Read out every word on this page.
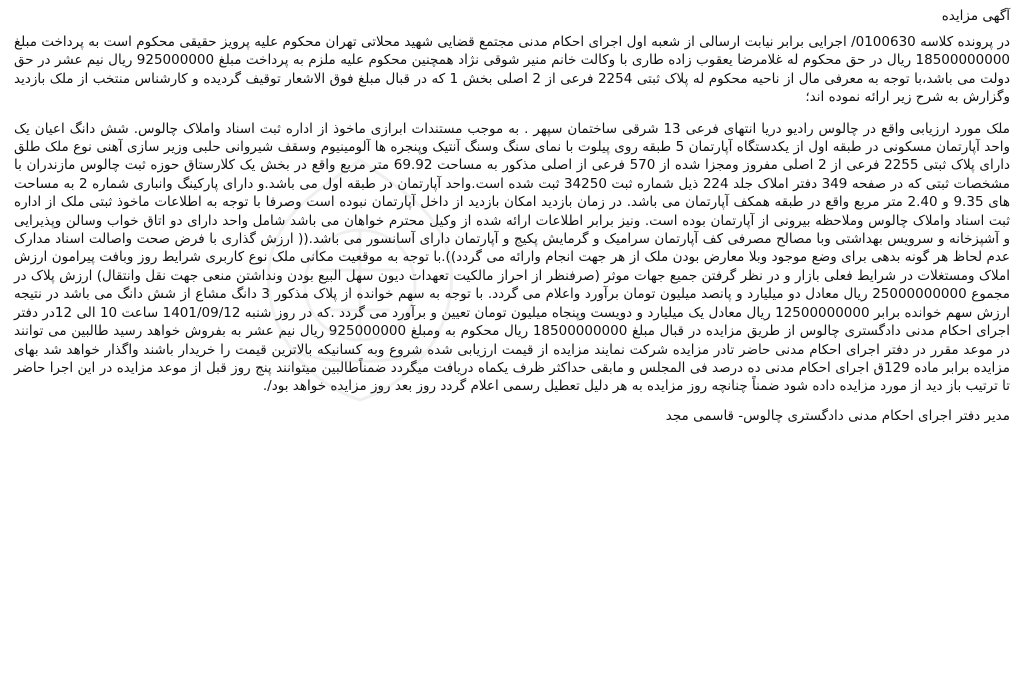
آگهی مزایده

در پرونده کلاسه 0100630/ اجرایی برابر نیابت ارسالی از شعبه اول اجرای احکام مدنی مجتمع قضایی شهید محلاتی تهران محکوم علیه پرویز حقیقی محکوم است به پرداخت مبلغ 18500000000 ریال در حق محکوم له غلامرضا یعقوب زاده طاری با وکالت خانم منیر شوقی نژاد همچنین محکوم علیه ملزم به پرداخت مبلغ 925000000 ریال نیم عشر در حق دولت می باشد،با توجه به معرفی مال از ناحیه محکوم له پلاک ثبتی 2254 فرعی از 2 اصلی بخش 1 که در قبال مبلغ فوق الاشعار توقیف گردیده و کارشناس منتخب از ملک بازدید وگزارش به شرح زیر ارائه نموده اند؛

ملک مورد ارزیابی واقع در چالوس رادیو دریا انتهای فرعی 13 شرقی ساختمان سپهر . به موجب مستندات ابرازی ماخوذ از اداره ثبت اسناد واملاک چالوس. شش دانگ اعیان یک واحد آپارتمان مسکونی در طبقه اول از یکدستگاه آپارتمان 5 طبقه روی پیلوت با نمای سنگ وسنگ آنتیک وپنجره ها آلومینیوم وسقف شیروانی حلبی وزیر سازی آهنی نوع ملک طلق دارای پلاک ثبتی 2255 فرعی از 2 اصلی مفروز ومجزا شده از 570 فرعی از اصلی مذکور به مساحت 69.92 متر مربع واقع در بخش یک کلارستاق حوزه ثبت چالوس مازندران با مشخصات ثبتی که در صفحه 349 دفتر املاک جلد 224 ذیل شماره ثبت 34250 ثبت شده است.واحد آپارتمان در طبقه اول می باشد.و دارای پارکینگ وانباری شماره 2 به مساحت های 9.35 و 2.40 متر مربع واقع در طبقه همکف آپارتمان می باشد. در زمان بازدید امکان بازدید از داخل آپارتمان نبوده است وصرفا با توجه به اطلاعات ماخوذ ثبتی ملک از اداره ثبت اسناد واملاک چالوس وملاحظه بیرونی از آپارتمان بوده است. ونیز برابر اطلاعات ارائه شده از وکیل محترم خواهان می باشد شامل واحد دارای دو اتاق خواب وسالن وپذیرایی و آشپزخانه و سرویس بهداشتی وبا مصالح مصرفی کف آپارتمان سرامیک و گرمایش پکیج و آپارتمان دارای آسانسور می باشد.(( ارزش گذاری با فرض صحت واصالت اسناد مدارک عدم لحاظ هر گونه بدهی برای وضع موجود وبلا معارض بودن ملک از هر جهت انجام وارائه می گردد)).با توجه به موقعیت مکانی ملک نوع کاربری شرایط روز وبافت پیرامون ارزش املاک ومستغلات در شرایط فعلی بازار و در نظر گرفتن جمیع جهات موثر (صرفنظر از احراز مالکیت تعهدات دیون سهل البیع بودن ونداشتن منعی جهت نقل وانتقال) ارزش پلاک در مجموع 25000000000 ریال معادل دو میلیارد و پانصد میلیون تومان برآورد واعلام می گردد. با توجه به سهم خوانده از پلاک مذکور 3 دانگ مشاع از شش دانگ می باشد در نتیجه ارزش سهم خوانده برابر 12500000000 ریال معادل یک میلیارد و دویست وپنجاه میلیون تومان تعیین و برآورد می گردد .که در روز شنبه 1401/09/12 ساعت 10 الی 12در دفتر اجرای احکام مدنی دادگستری چالوس از طریق مزایده در قبال مبلغ 18500000000 ریال محکوم به ومبلغ 925000000 ریال نیم عشر به بفروش خواهد رسید طالبین می توانند در موعد مقرر در دفتر اجرای احکام مدنی حاضر تادر مزایده شرکت نمایند مزایده از قیمت ارزیابی شده شروع وبه کسانیکه بالاترین قیمت را خریدار باشند واگذار خواهد شد بهای مزایده برابر ماده 129ق اجرای احکام مدنی ده درصد فی المجلس و مابقی حداکثر ظرف یکماه دریافت میگردد ضمناًطالبین میتوانند پنج روز قبل از موعد مزایده در این اجرا حاضر تا ترتیب باز دید از مورد مزایده داده شود ضمناً چنانچه روز مزایده به هر دلیل تعطیل رسمی اعلام گردد روز بعد روز مزایده خواهد بود/.

مدیر دفتر اجرای احکام مدنی دادگستری چالوس- قاسمی مجد
